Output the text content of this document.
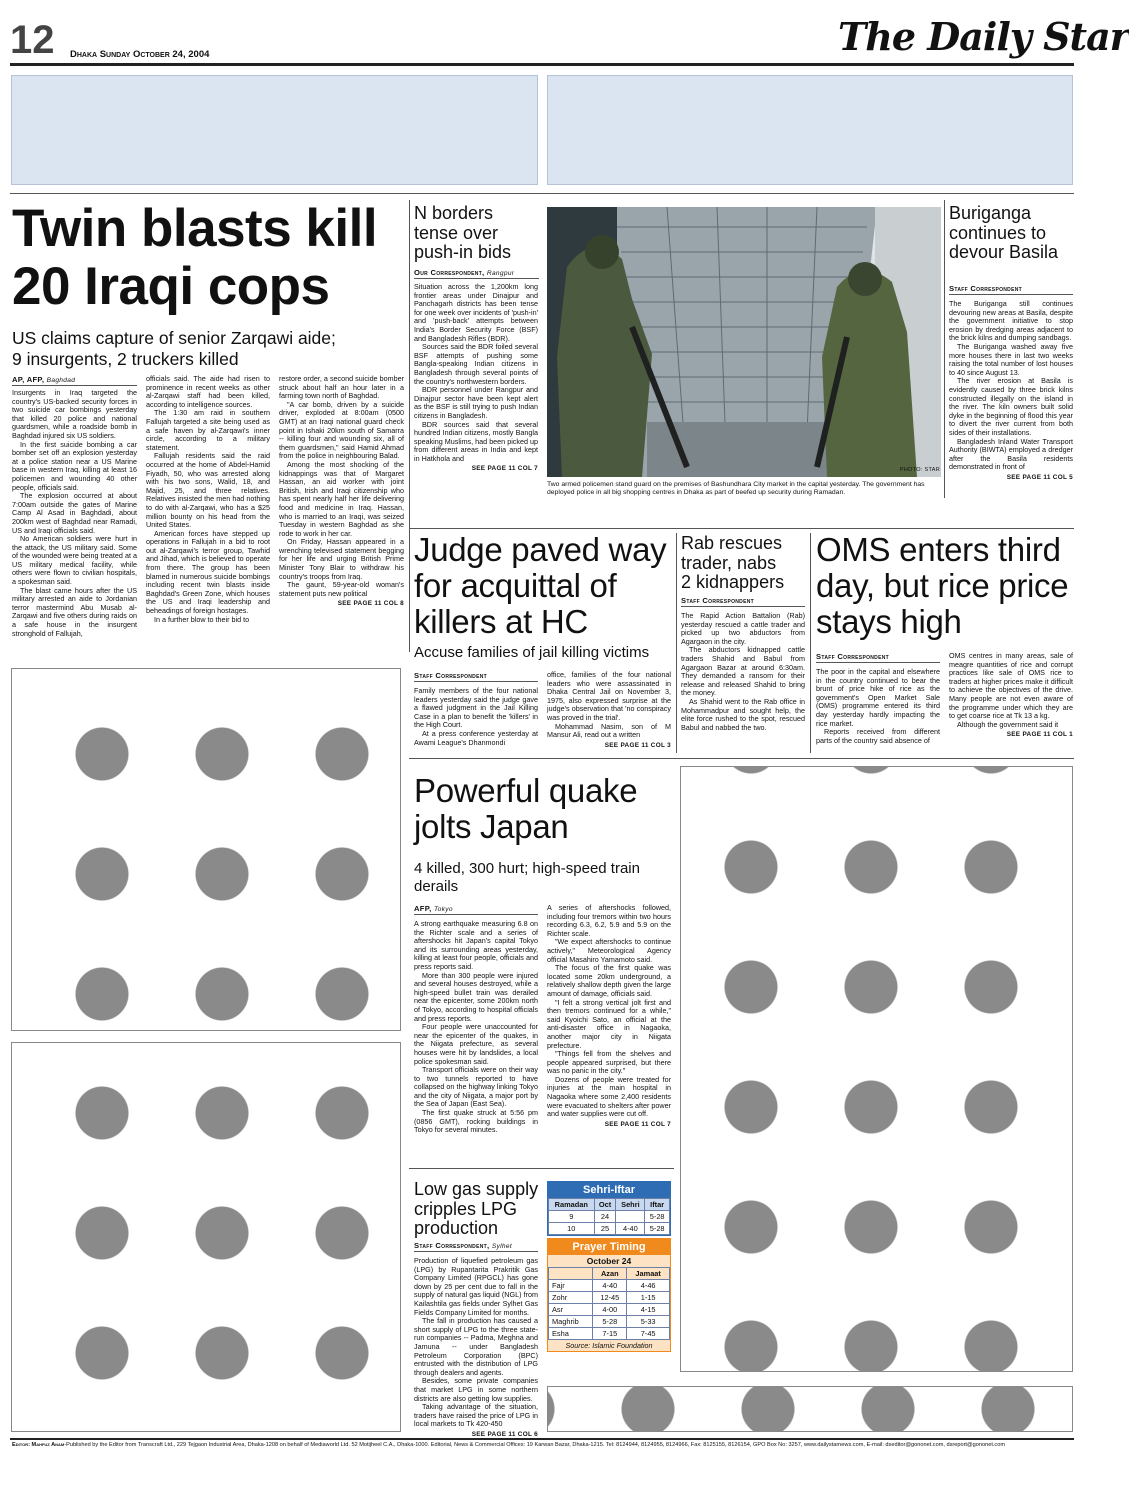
12 Dhaka Sunday October 24, 2004	The Daily Star
Twin blasts kill
20 Iraqi cops
US claims capture of senior Zarqawi aide;
9 insurgents, 2 truckers killed
AP, AFP, Baghdad

Insurgents in Iraq targeted the country's US-backed security forces in two suicide car bombings yesterday that killed 20 police and national guardsmen, while a roadside bomb in Baghdad injured six US soldiers.

In the first suicide bombing a car bomber set off an explosion yesterday at a police station near a US Marine base in western Iraq, killing at least 16 policemen and wounding 40 other people, officials said.

The explosion occurred at about 7:00am outside the gates of Marine Camp Al Asad in Baghdadi, about 200km west of Baghdad near Ramadi, US and Iraqi officials said.

No American soldiers were hurt in the attack, the US military said. Some of the wounded were being treated at a US military medical facility, while others were flown to civilian hospitals, a spokesman said.

The blast came hours after the US military arrested an aide to Jordanian terror mastermind Abu Musab al-Zarqawi and five others during raids on a safe house in the insurgent stronghold of Fallujah,

officials said. The aide had risen to prominence in recent weeks as other al-Zarqawi staff had been killed, according to intelligence sources.

The 1:30 am raid in southern Fallujah targeted a site being used as a safe haven by al-Zarqawi's inner circle, according to a military statement.

Fallujah residents said the raid occurred at the home of Abdel-Hamid Fiyadh, 50, who was arrested along with his two sons, Walid, 18, and Majid, 25, and three relatives. Relatives insisted the men had nothing to do with al-Zarqawi, who has a $25 million bounty on his head from the United States.

American forces have stepped up operations in Fallujah in a bid to root out al-Zarqawi's terror group, Tawhid and Jihad, which is believed to operate from there. The group has been blamed in numerous suicide bombings including recent twin blasts inside Baghdad's Green Zone, which houses the US and Iraqi leadership and beheadings of foreign hostages.

In a further blow to their bid to

restore order, a second suicide bomber struck about half an hour later in a farming town north of Baghdad.

"A car bomb, driven by a suicide driver, exploded at 8:00am (0500 GMT) at an Iraqi national guard check point in Ishaki 20km south of Samarra -- killing four and wounding six, all of them guardsmen," said Hamid Ahmad from the police in neighbouring Balad.

Among the most shocking of the kidnappings was that of Margaret Hassan, an aid worker with joint British, Irish and Iraqi citizenship who has spent nearly half her life delivering food and medicine in Iraq. Hassan, who is married to an Iraqi, was seized Tuesday in western Baghdad as she rode to work in her car.

On Friday, Hassan appeared in a wrenching televised statement begging for her life and urging British Prime Minister Tony Blair to withdraw his country's troops from Iraq.

The gaunt, 59-year-old woman's statement puts new political

SEE PAGE 11 COL 8
N borders tense over push-in bids
Our Correspondent, Rangpur

Situation across the 1,200km long frontier areas under Dinajpur and Panchagarh districts has been tense for one week over incidents of 'push-in' and 'push-back' attempts between India's Border Security Force (BSF) and Bangladesh Rifles (BDR).

Sources said the BDR foiled several BSF attempts of pushing some Bangla-speaking Indian citizens in Bangladesh through several points of the country's northwestern borders.

BDR personnel under Rangpur and Dinajpur sector have been kept alert as the BSF is still trying to push Indian citizens in Bangladesh.

BDR sources said that several hundred Indian citizens, mostly Bangla speaking Muslims, had been picked up from different areas in India and kept in Hatkhola and

SEE PAGE 11 COL 7	PHOTO: STAR
Two armed policemen stand guard on the premises of Bashundhara City market in the capital yesterday. The government has deployed police in all big shopping centres in Dhaka as part of beefed up security during Ramadan.
Buriganga continues to devour Basila
Staff Correspondent

The Buriganga still continues devouring new areas at Basila, despite the government initiative to stop erosion by dredging areas adjacent to the brick kilns and dumping sandbags.

The Buriganga washed away five more houses there in last two weeks raising the total number of lost houses to 40 since August 13.

The river erosion at Basila is evidently caused by three brick kilns constructed illegally on the island in the river. The kiln owners built solid dyke in the beginning of flood this year to divert the river current from both sides of their installations.

Bangladesh Inland Water Transport Authority (BIWTA) employed a dredger after the Basila residents demonstrated in front of

SEE PAGE 11 COL 5
Judge paved way for acquittal of killers at HC
Accuse families of jail killing victims
Staff Correspondent

Family members of the four national leaders yesterday said the judge gave a flawed judgment in the Jail Killing Case in a plan to benefit the 'killers' in the High Court.

At a press conference yesterday at Awami League's Dhanmondi

office, families of the four national leaders who were assassinated in Dhaka Central Jail on November 3, 1975, also expressed surprise at the judge's observation that 'no conspiracy was proved in the trial'.

Mohammad Nasim, son of M Mansur Ali, read out a written

SEE PAGE 11 COL 3
Rab rescues trader, nabs 2 kidnappers
Staff Correspondent

The Rapid Action Battalion (Rab) yesterday rescued a cattle trader and picked up two abductors from Agargaon in the city.

The abductors kidnapped cattle traders Shahid and Babul from Agargaon Bazar at around 6:30am. They demanded a ransom for their release and released Shahid to bring the money.

As Shahid went to the Rab office in Mohammadpur and sought help, the elite force rushed to the spot, rescued Babul and nabbed the two.

OMS enters third day, but rice price stays high
Staff Correspondent

The poor in the capital and elsewhere in the country continued to bear the brunt of price hike of rice as the government's Open Market Sale (OMS) programme entered its third day yesterday hardly impacting the rice market.

Reports received from different parts of the country said absence of

OMS centres in many areas, sale of meagre quantities of rice and corrupt practices like sale of OMS rice to traders at higher prices make it difficult to achieve the objectives of the drive. Many people are not even aware of the programme under which they are to get coarse rice at Tk 13 a kg.

Although the government said it

SEE PAGE 11 COL 1
Powerful quake jolts Japan
4 killed, 300 hurt; high-speed train derails
AFP, Tokyo

A strong earthquake measuring 6.8 on the Richter scale and a series of aftershocks hit Japan's capital Tokyo and its surrounding areas yesterday, killing at least four people, officials and press reports said.

More than 300 people were injured and several houses destroyed, while a high-speed bullet train was derailed near the epicenter, some 200km north of Tokyo, according to hospital officials and press reports.

Four people were unaccounted for near the epicenter of the quakes, in the Niigata prefecture, as several houses were hit by landslides, a local police spokesman said.

Transport officials were on their way to two tunnels reported to have collapsed on the highway linking Tokyo and the city of Niigata, a major port by the Sea of Japan (East Sea).

The first quake struck at 5:56 pm (0856 GMT), rocking buildings in Tokyo for several minutes.

A series of aftershocks followed, including four tremors within two hours recording 6.3, 6.2, 5.9 and 5.9 on the Richter scale.

"We expect aftershocks to continue actively," Meteorological Agency official Masahiro Yamamoto said.

The focus of the first quake was located some 20km underground, a relatively shallow depth given the large amount of damage, officials said.

"I felt a strong vertical jolt first and then tremors continued for a while," said Kyoichi Sato, an official at the anti-disaster office in Nagaoka, another major city in Niigata prefecture.

"Things fell from the shelves and people appeared surprised, but there was no panic in the city."

Dozens of people were treated for injuries at the main hospital in Nagaoka where some 2,400 residents were evacuated to shelters after power and water supplies were cut off.

SEE PAGE 11 COL 7
Low gas supply cripples LPG production
Staff Correspondent, Sylhet

Production of liquefied petroleum gas (LPG) by Rupantarita Prakritik Gas Company Limited (RPGCL) has gone down by 25 per cent due to fall in the supply of natural gas liquid (NGL) from Kailashtila gas fields under Sylhet Gas Fields Company Limited for months.

The fall in production has caused a short supply of LPG to the three state-run companies -- Padma, Meghna and Jamuna -- under Bangladesh Petroleum Corporation (BPC) entrusted with the distribution of LPG through dealers and agents.

Besides, some private companies that market LPG in some northern districts are also getting low supplies.

Taking advantage of the situation, traders have raised the price of LPG in local markets to Tk 420-450

SEE PAGE 11 COL 6
Sehri-Iftar
Ramadan	Oct	Sehri	Iftar
9	24		5-28
10	25	4-40	5-28
Prayer Timing
October 24
	Azan	Jamaat
Fajr	4-40	4-46
Zohr	12-45	1-15
Asr	4-00	4-15
Maghrib	5-28	5-33
Esha	7-15	7-45
Source: Islamic Foundation
Editor: Mahfuz Anam-Published by the Editor from Transcraft Ltd., 229 Tejgaon Industrial Area, Dhaka-1208 on behalf of Mediaworld Ltd. 52 Motijheel C.A., Dhaka-1000. Editorial, News & Commercial Offices: 19 Karwan Bazar, Dhaka-1215. Tel: 8124944, 8124955, 8124966, Fax: 8125155, 8126154, GPO Box No: 3257, www.dailystarnews.com, E-mail: dseditor@gononet.com, dsreport@gononet.com
